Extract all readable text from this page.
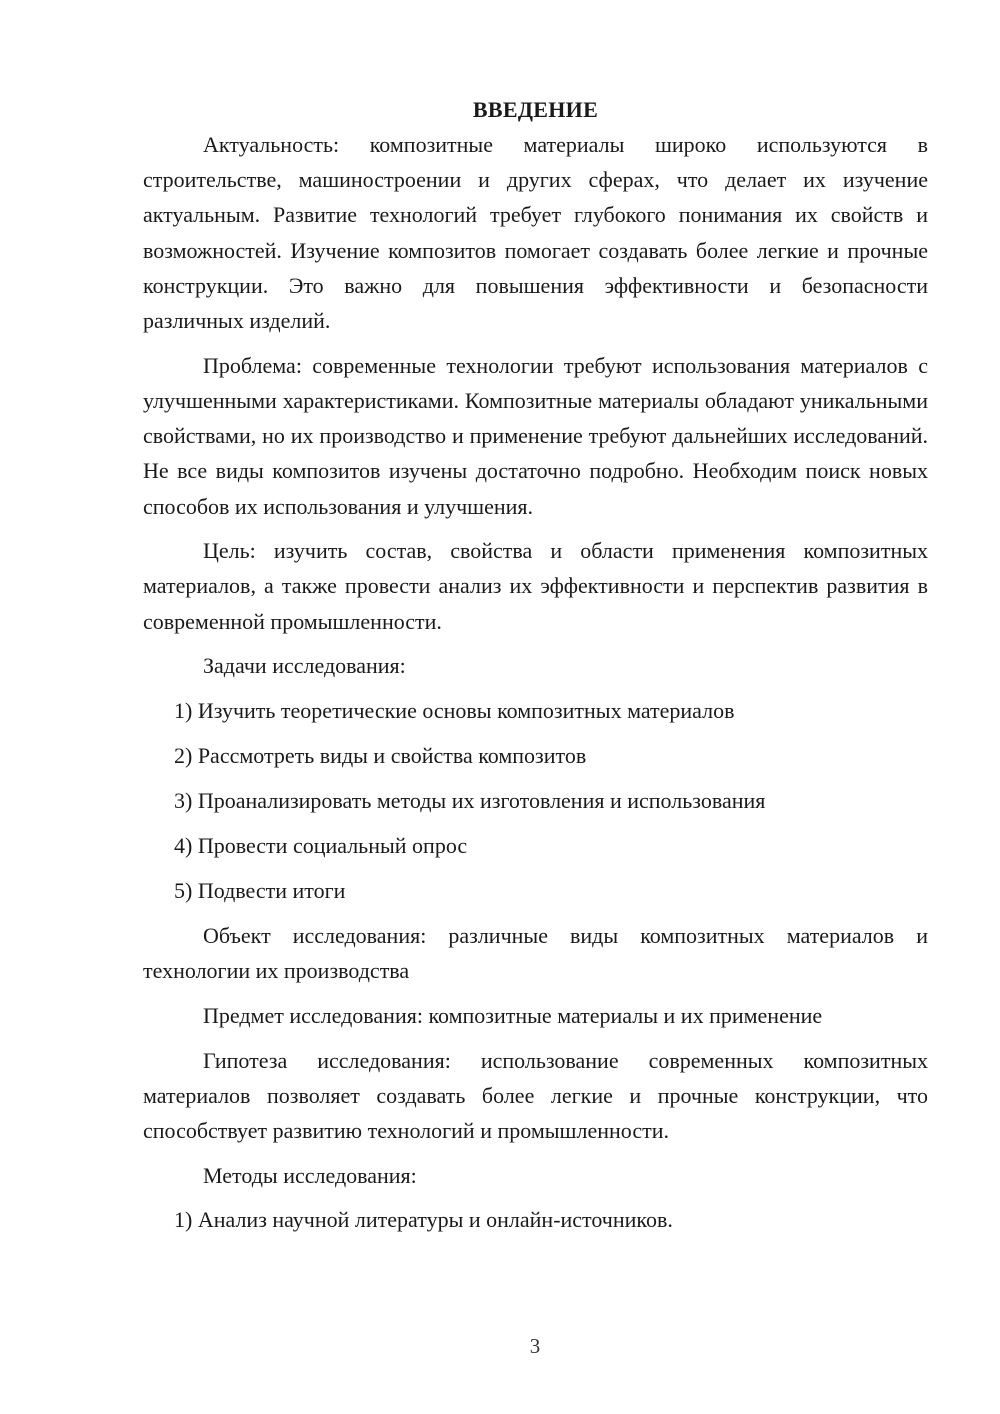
ВВЕДЕНИЕ

Актуальность: композитные материалы широко используются в строительстве, машиностроении и других сферах, что делает их изучение актуальным. Развитие технологий требует глубокого понимания их свойств и возможностей. Изучение композитов помогает создавать более легкие и прочные конструкции. Это важно для повышения эффективности и безопасности различных изделий.

Проблема: современные технологии требуют использования материалов с улучшенными характеристиками. Композитные материалы обладают уникальными свойствами, но их производство и применение требуют дальнейших исследований. Не все виды композитов изучены достаточно подробно. Необходим поиск новых способов их использования и улучшения.

Цель: изучить состав, свойства и области применения композитных материалов, а также провести анализ их эффективности и перспектив развития в современной промышленности.

Задачи исследования:

1) Изучить теоретические основы композитных материалов
2) Рассмотреть виды и свойства композитов
3) Проанализировать методы их изготовления и использования
4) Провести социальный опрос
5) Подвести итоги

Объект исследования: различные виды композитных материалов и технологии их производства

Предмет исследования: композитные материалы и их применение

Гипотеза исследования: использование современных композитных материалов позволяет создавать более легкие и прочные конструкции, что способствует развитию технологий и промышленности.

Методы исследования:

1) Анализ научной литературы и онлайн-источников.
3
